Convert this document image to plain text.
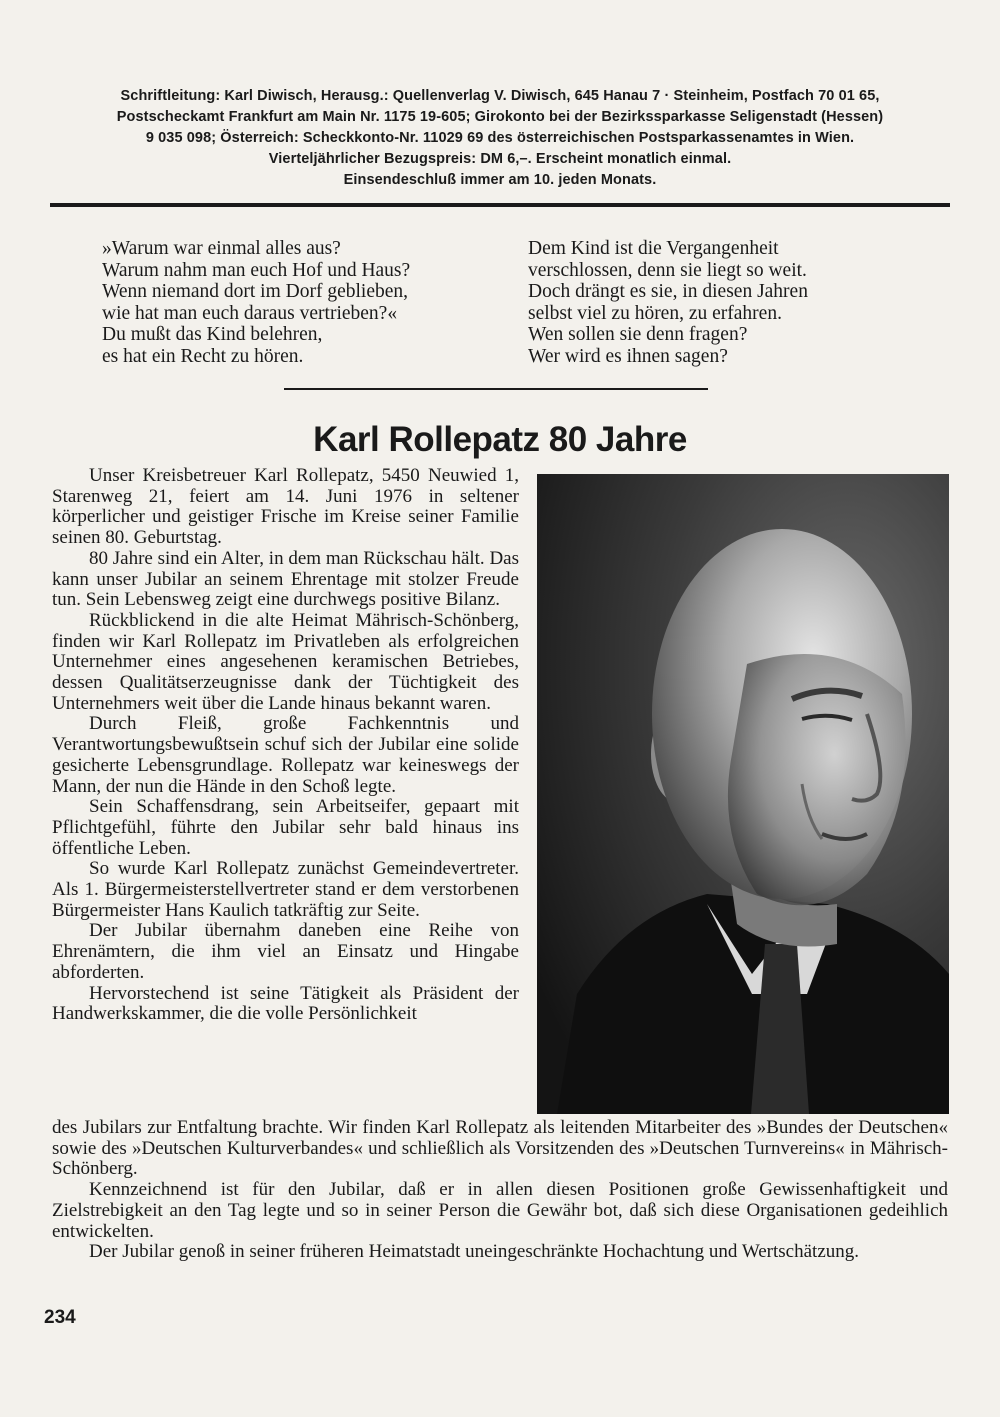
Schriftleitung: Karl Diwisch, Herausg.: Quellenverlag V. Diwisch, 645 Hanau 7 · Steinheim, Postfach 70 01 65,
Postscheckamt Frankfurt am Main Nr. 1175 19-605; Girokonto bei der Bezirkssparkasse Seligenstadt (Hessen)
9 035 098; Österreich: Scheckkonto-Nr. 11029 69 des österreichischen Postsparkassenamtes in Wien.
Vierteljährlicher Bezugspreis: DM 6,–. Erscheint monatlich einmal.
Einsendeschluß immer am 10. jeden Monats.
»Warum war einmal alles aus?
Warum nahm man euch Hof und Haus?
Wenn niemand dort im Dorf geblieben,
wie hat man euch daraus vertrieben?«
Du mußt das Kind belehren,
es hat ein Recht zu hören.
Dem Kind ist die Vergangenheit
verschlossen, denn sie liegt so weit.
Doch drängt es sie, in diesen Jahren
selbst viel zu hören, zu erfahren.
Wen sollen sie denn fragen?
Wer wird es ihnen sagen?
Karl Rollepatz 80 Jahre

Unser Kreisbetreuer Karl Rollepatz, 5450 Neuwied 1, Starenweg 21, feiert am 14. Juni 1976 in seltener körperlicher und geistiger Frische im Kreise seiner Familie seinen 80. Geburtstag.

80 Jahre sind ein Alter, in dem man Rückschau hält. Das kann unser Jubilar an seinem Ehrentage mit stolzer Freude tun. Sein Lebensweg zeigt eine durchwegs positive Bilanz.

Rückblickend in die alte Heimat Mährisch-Schönberg, finden wir Karl Rollepatz im Privatleben als erfolgreichen Unternehmer eines angesehenen keramischen Betriebes, dessen Qualitätserzeugnisse dank der Tüchtigkeit des Unternehmers weit über die Lande hinaus bekannt waren.

Durch Fleiß, große Fachkenntnis und Verantwortungsbewußtsein schuf sich der Jubilar eine solide gesicherte Lebensgrundlage. Rollepatz war keineswegs der Mann, der nun die Hände in den Schoß legte.

Sein Schaffensdrang, sein Arbeitseifer, gepaart mit Pflichtgefühl, führte den Jubilar sehr bald hinaus ins öffentliche Leben.

So wurde Karl Rollepatz zunächst Gemeindevertreter. Als 1. Bürgermeisterstellvertreter stand er dem verstorbenen Bürgermeister Hans Kaulich tatkräftig zur Seite.

Der Jubilar übernahm daneben eine Reihe von Ehrenämtern, die ihm viel an Einsatz und Hingabe abforderten.

Hervorstechend ist seine Tätigkeit als Präsident der Handwerkskammer, die die volle Persönlichkeit

des Jubilars zur Entfaltung brachte. Wir finden Karl Rollepatz als leitenden Mitarbeiter des »Bundes der Deutschen« sowie des »Deutschen Kulturverbandes« und schließlich als Vorsitzenden des »Deutschen Turnvereins« in Mährisch-Schönberg.

Kennzeichnend ist für den Jubilar, daß er in allen diesen Positionen große Gewissenhaftigkeit und Zielstrebigkeit an den Tag legte und so in seiner Person die Gewähr bot, daß sich diese Organisationen gedeihlich entwickelten.

Der Jubilar genoß in seiner früheren Heimatstadt uneingeschränkte Hochachtung und Wertschätzung.

234
